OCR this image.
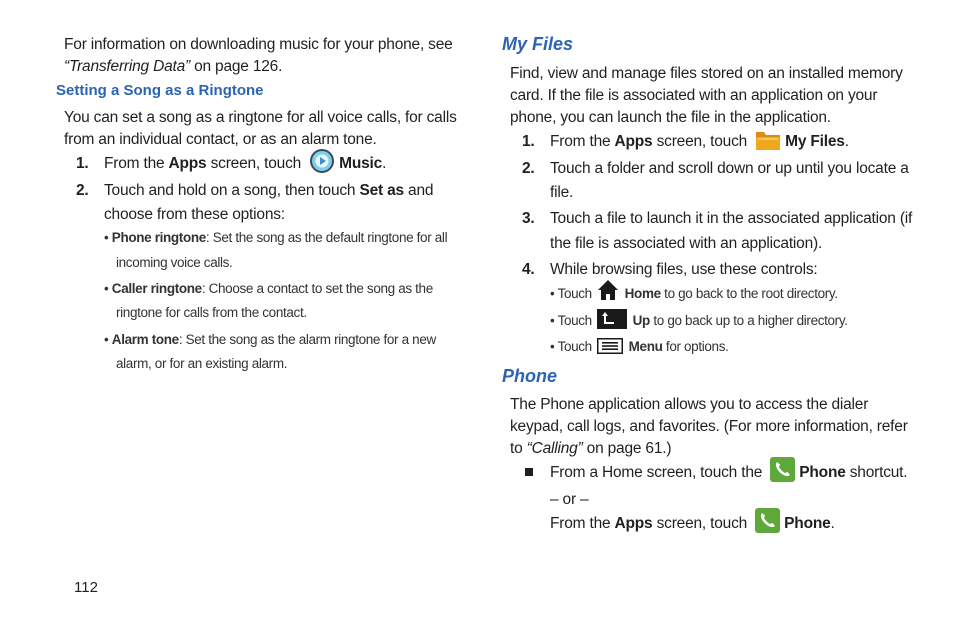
For information on downloading music for your phone, see
“Transferring Data” on page 126.
Setting a Song as a Ringtone
You can set a song as a ringtone for all voice calls, for calls
from an individual contact, or as an alarm tone.
1. From the Apps screen, touch Music.
2. Touch and hold on a song, then touch Set as and
choose from these options:
• Phone ringtone: Set the song as the default ringtone for all
incoming voice calls.
• Caller ringtone: Choose a contact to set the song as the
ringtone for calls from the contact.
• Alarm tone: Set the song as the alarm ringtone for a new
alarm, or for an existing alarm.
112
My Files
Find, view and manage files stored on an installed memory
card. If the file is associated with an application on your
phone, you can launch the file in the application.
1. From the Apps screen, touch My Files.
2. Touch a folder and scroll down or up until you locate a
file.
3. Touch a file to launch it in the associated application (if
the file is associated with an application).
4. While browsing files, use these controls:
• Touch Home to go back to the root directory.
• Touch	Up to go back up to a higher directory.
• Touch	Menu for options.
Phone
The Phone application allows you to access the dialer
keypad, call logs, and favorites. (For more information, refer
to “Calling” on page 61.)
From a Home screen, touch the Phone shortcut.
– or –
From the Apps screen, touch Phone.
